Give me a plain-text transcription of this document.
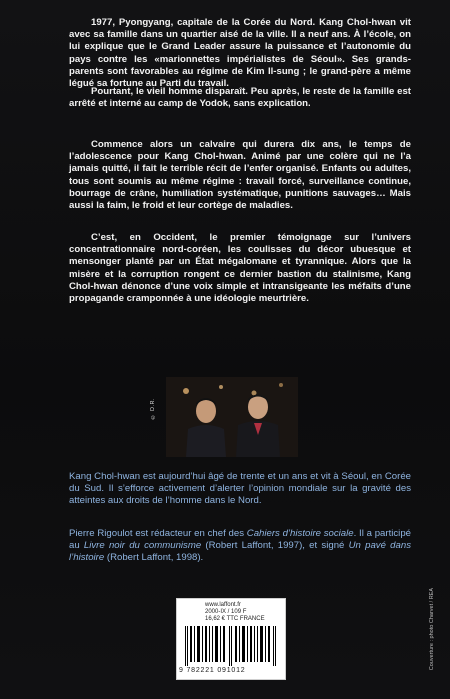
1977, Pyongyang, capitale de la Corée du Nord. Kang Chol-hwan vit avec sa famille dans un quartier aisé de la ville. Il a neuf ans. À l’école, on lui explique que le Grand Leader assure la puissance et l’autonomie du pays contre les «marionnettes impérialistes de Séoul». Ses grands-parents sont favorables au régime de Kim Il-sung ; le grand-père a même légué sa fortune au Parti du travail.

Pourtant, le vieil homme disparaît. Peu après, le reste de la famille est arrêté et interné au camp de Yodok, sans explication.

Commence alors un calvaire qui durera dix ans, le temps de l’adolescence pour Kang Chol-hwan. Animé par une colère qui ne l’a jamais quitté, il fait le terrible récit de l’enfer organisé. Enfants ou adultes, tous sont soumis au même régime : travail forcé, surveillance continue, bourrage de crâne, humiliation systématique, punitions sauvages… Mais aussi la faim, le froid et leur cortège de maladies.

C’est, en Occident, le premier témoignage sur l’univers concentrationnaire nord-coréen, les coulisses du décor ubuesque et mensonger planté par un État mégalomane et tyrannique. Alors que la misère et la corruption rongent ce dernier bastion du stalinisme, Kang Chol-hwan dénonce d’une voix simple et intransigeante les méfaits d’une propagande cramponnée à une idéologie meurtrière.

© D.R.

Kang Chol-hwan est aujourd’hui âgé de trente et un ans et vit à Séoul, en Corée du Sud. Il s’efforce activement d’alerter l’opinion mondiale sur la gravité des atteintes aux droits de l’homme dans le Nord.

Pierre Rigoulot est rédacteur en chef des Cahiers d’histoire sociale. Il a participé au Livre noir du communisme (Robert Laffont, 1997), et signé Un pavé dans l’histoire (Robert Laffont, 1998).

www.laffont.fr
2000-IX / 109 F
16,62 € TTC FRANCE
9 782221 091012
Couverture : photo Charvet / REA
